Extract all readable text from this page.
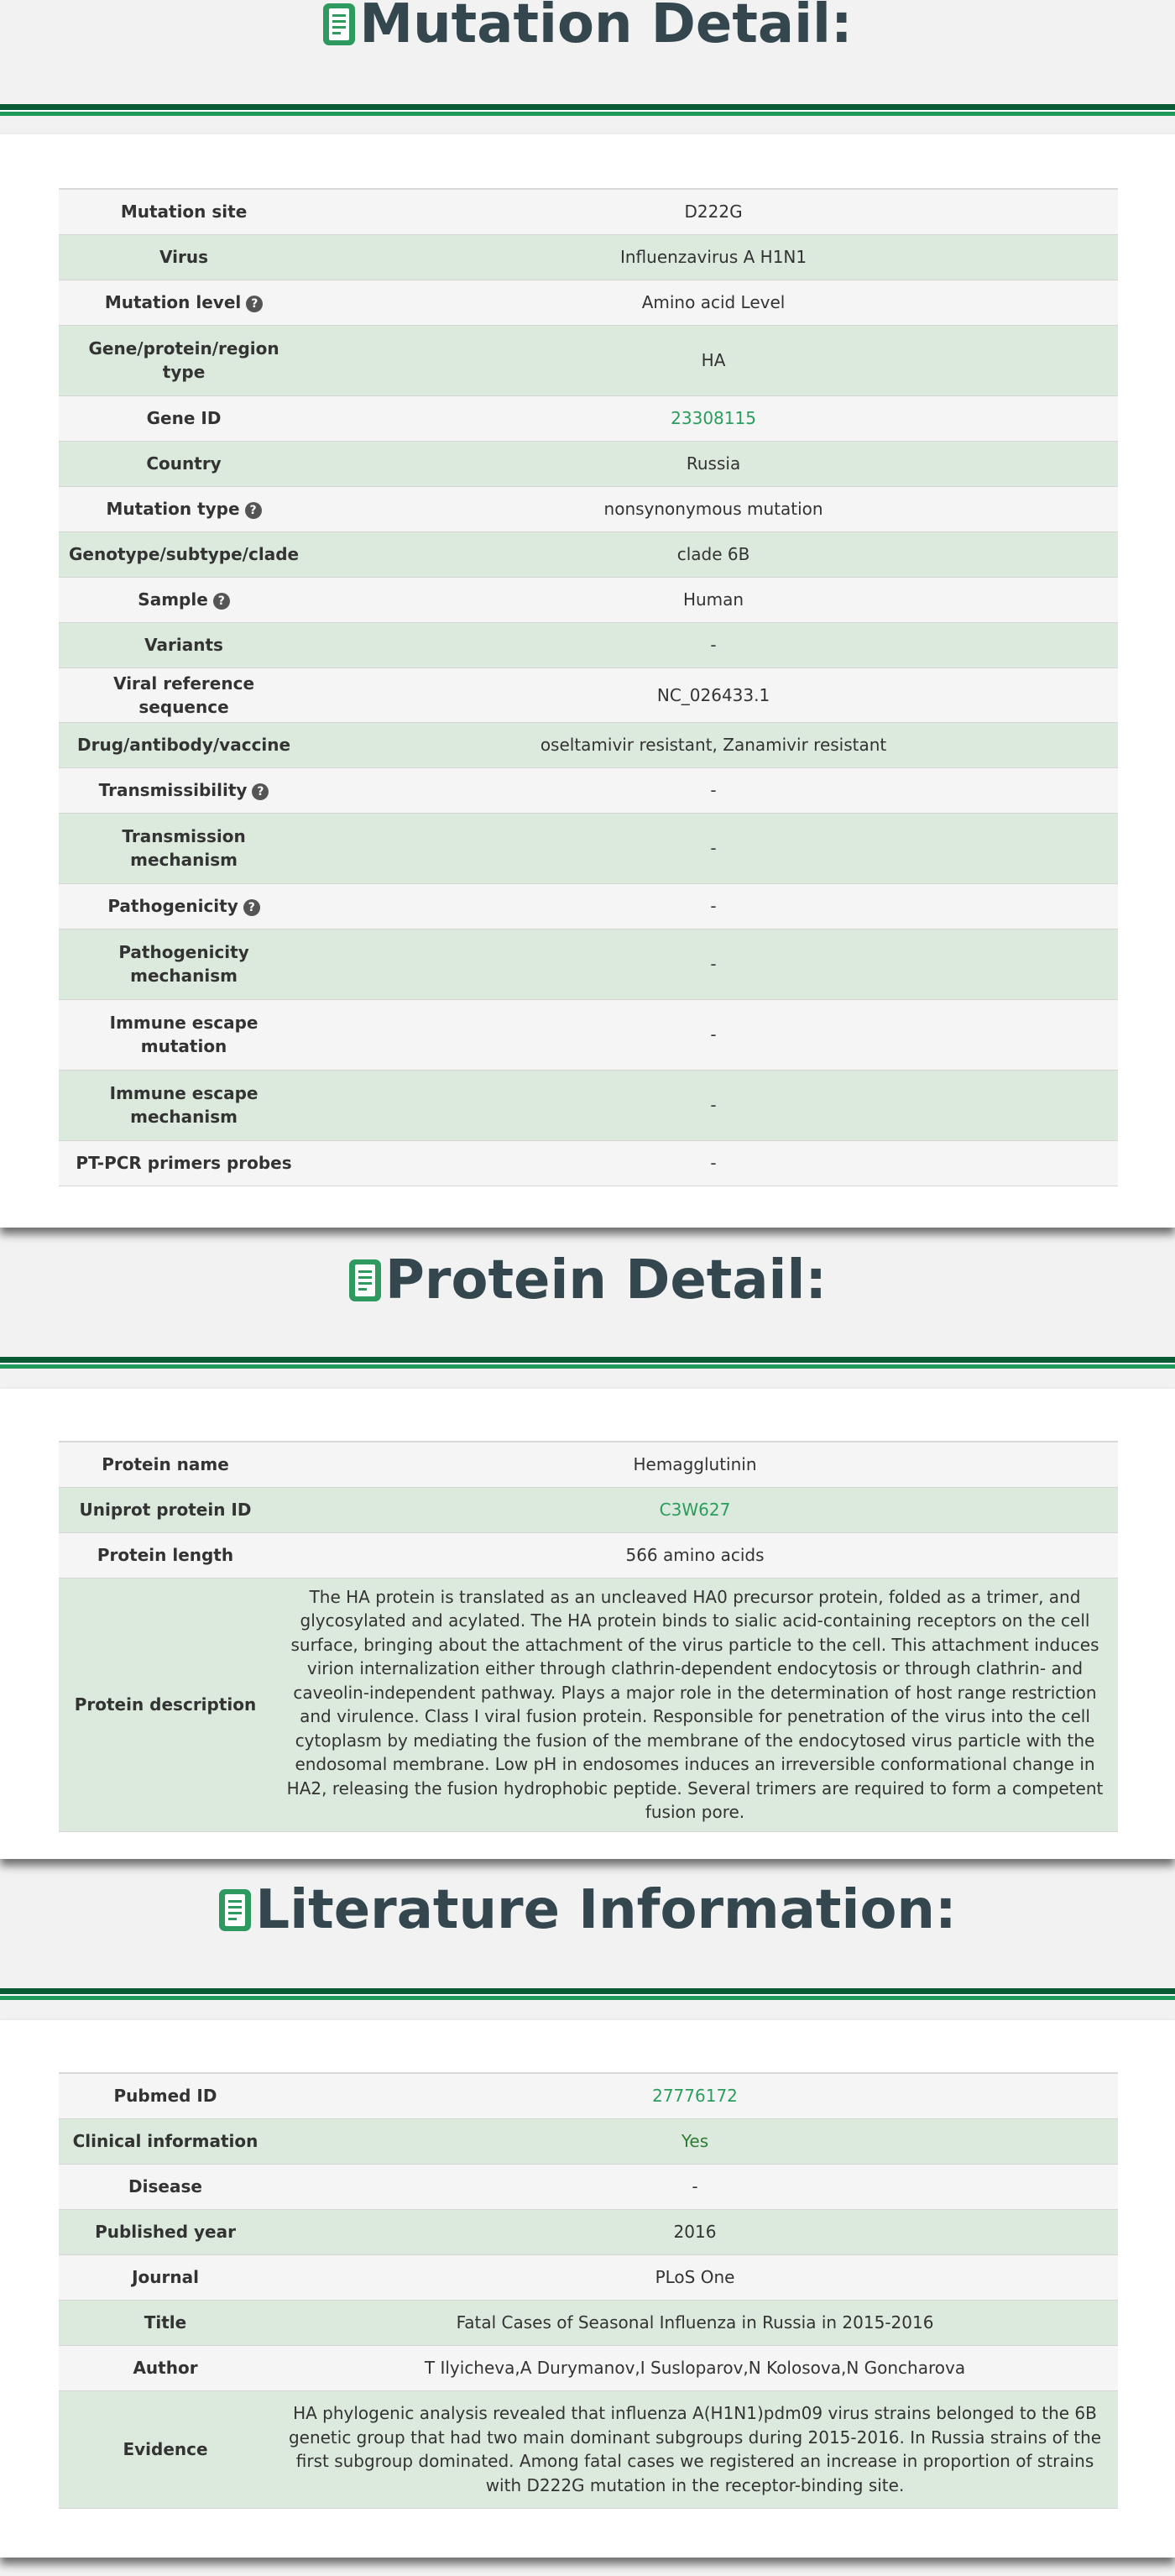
Mutation Detail:
Mutation site	D222G
Virus	Influenzavirus A H1N1
Mutation level ?	Amino acid Level
Gene/protein/region type	HA
Gene ID	23308115
Country	Russia
Mutation type ?	nonsynonymous mutation
Genotype/subtype/clade	clade 6B
Sample ?	Human
Variants	-
Viral reference sequence	NC_026433.1
Drug/antibody/vaccine	oseltamivir resistant, Zanamivir resistant
Transmissibility ?	-
Transmission mechanism	-
Pathogenicity ?	-
Pathogenicity mechanism	-
Immune escape mutation	-
Immune escape mechanism	-
PT-PCR primers probes	-
Protein Detail:
Protein name	Hemagglutinin
Uniprot protein ID	C3W627
Protein length	566 amino acids
Protein description	The HA protein is translated as an uncleaved HA0 precursor protein, folded as a trimer, and glycosylated and acylated. The HA protein binds to sialic acid-containing receptors on the cell surface, bringing about the attachment of the virus particle to the cell. This attachment induces virion internalization either through clathrin-dependent endocytosis or through clathrin- and caveolin-independent pathway. Plays a major role in the determination of host range restriction and virulence. Class I viral fusion protein. Responsible for penetration of the virus into the cell cytoplasm by mediating the fusion of the membrane of the endocytosed virus particle with the endosomal membrane. Low pH in endosomes induces an irreversible conformational change in HA2, releasing the fusion hydrophobic peptide. Several trimers are required to form a competent fusion pore.
Literature Information:
Pubmed ID	27776172
Clinical information	Yes
Disease	-
Published year	2016
Journal	PLoS One
Title	Fatal Cases of Seasonal Influenza in Russia in 2015-2016
Author	T Ilyicheva,A Durymanov,I Susloparov,N Kolosova,N Goncharova
Evidence	HA phylogenic analysis revealed that influenza A(H1N1)pdm09 virus strains belonged to the 6B genetic group that had two main dominant subgroups during 2015-2016. In Russia strains of the first subgroup dominated. Among fatal cases we registered an increase in proportion of strains with D222G mutation in the receptor-binding site.
